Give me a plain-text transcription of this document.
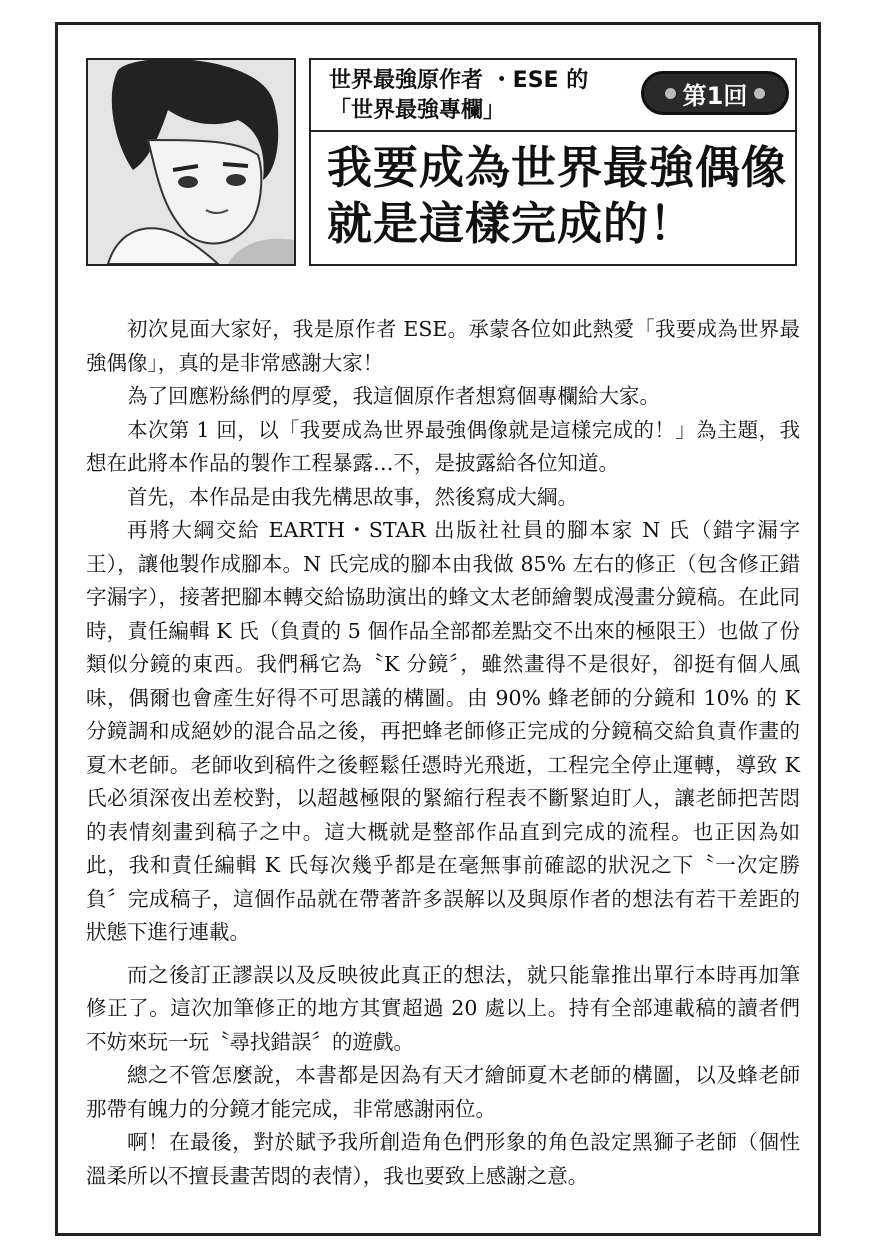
世界最強原作者 ・ESE 的
「世界最強專欄」
第1回
我要成為世界最強偶像
就是這樣完成的！

初次見面大家好，我是原作者 ESE。承蒙各位如此熱愛「我要成為世界最強偶像」，真的是非常感謝大家！

為了回應粉絲們的厚愛，我這個原作者想寫個專欄給大家。

本次第 1 回，以「我要成為世界最強偶像就是這樣完成的！」為主題，我想在此將本作品的製作工程暴露…不，是披露給各位知道。

首先，本作品是由我先構思故事，然後寫成大綱。

再將大綱交給 EARTH・STAR 出版社社員的腳本家 N 氏（錯字漏字王），讓他製作成腳本。N 氏完成的腳本由我做 85% 左右的修正（包含修正錯字漏字），接著把腳本轉交給協助演出的蜂文太老師繪製成漫畫分鏡稿。在此同時，責任編輯 K 氏（負責的 5 個作品全部都差點交不出來的極限王）也做了份類似分鏡的東西。我們稱它為〝K 分鏡〞，雖然畫得不是很好，卻挺有個人風味，偶爾也會產生好得不可思議的構圖。由 90% 蜂老師的分鏡和 10% 的 K 分鏡調和成絕妙的混合品之後，再把蜂老師修正完成的分鏡稿交給負責作畫的夏木老師。老師收到稿件之後輕鬆任憑時光飛逝，工程完全停止運轉，導致 K 氏必須深夜出差校對，以超越極限的緊縮行程表不斷緊迫盯人，讓老師把苦悶的表情刻畫到稿子之中。這大概就是整部作品直到完成的流程。也正因為如此，我和責任編輯 K 氏每次幾乎都是在毫無事前確認的狀況之下〝一次定勝負〞完成稿子，這個作品就在帶著許多誤解以及與原作者的想法有若干差距的狀態下進行連載。

而之後訂正謬誤以及反映彼此真正的想法，就只能靠推出單行本時再加筆修正了。這次加筆修正的地方其實超過 20 處以上。持有全部連載稿的讀者們不妨來玩一玩〝尋找錯誤〞的遊戲。

總之不管怎麼說，本書都是因為有天才繪師夏木老師的構圖，以及蜂老師那帶有魄力的分鏡才能完成，非常感謝兩位。

啊！在最後，對於賦予我所創造角色們形象的角色設定黑獅子老師（個性溫柔所以不擅長畫苦悶的表情），我也要致上感謝之意。
